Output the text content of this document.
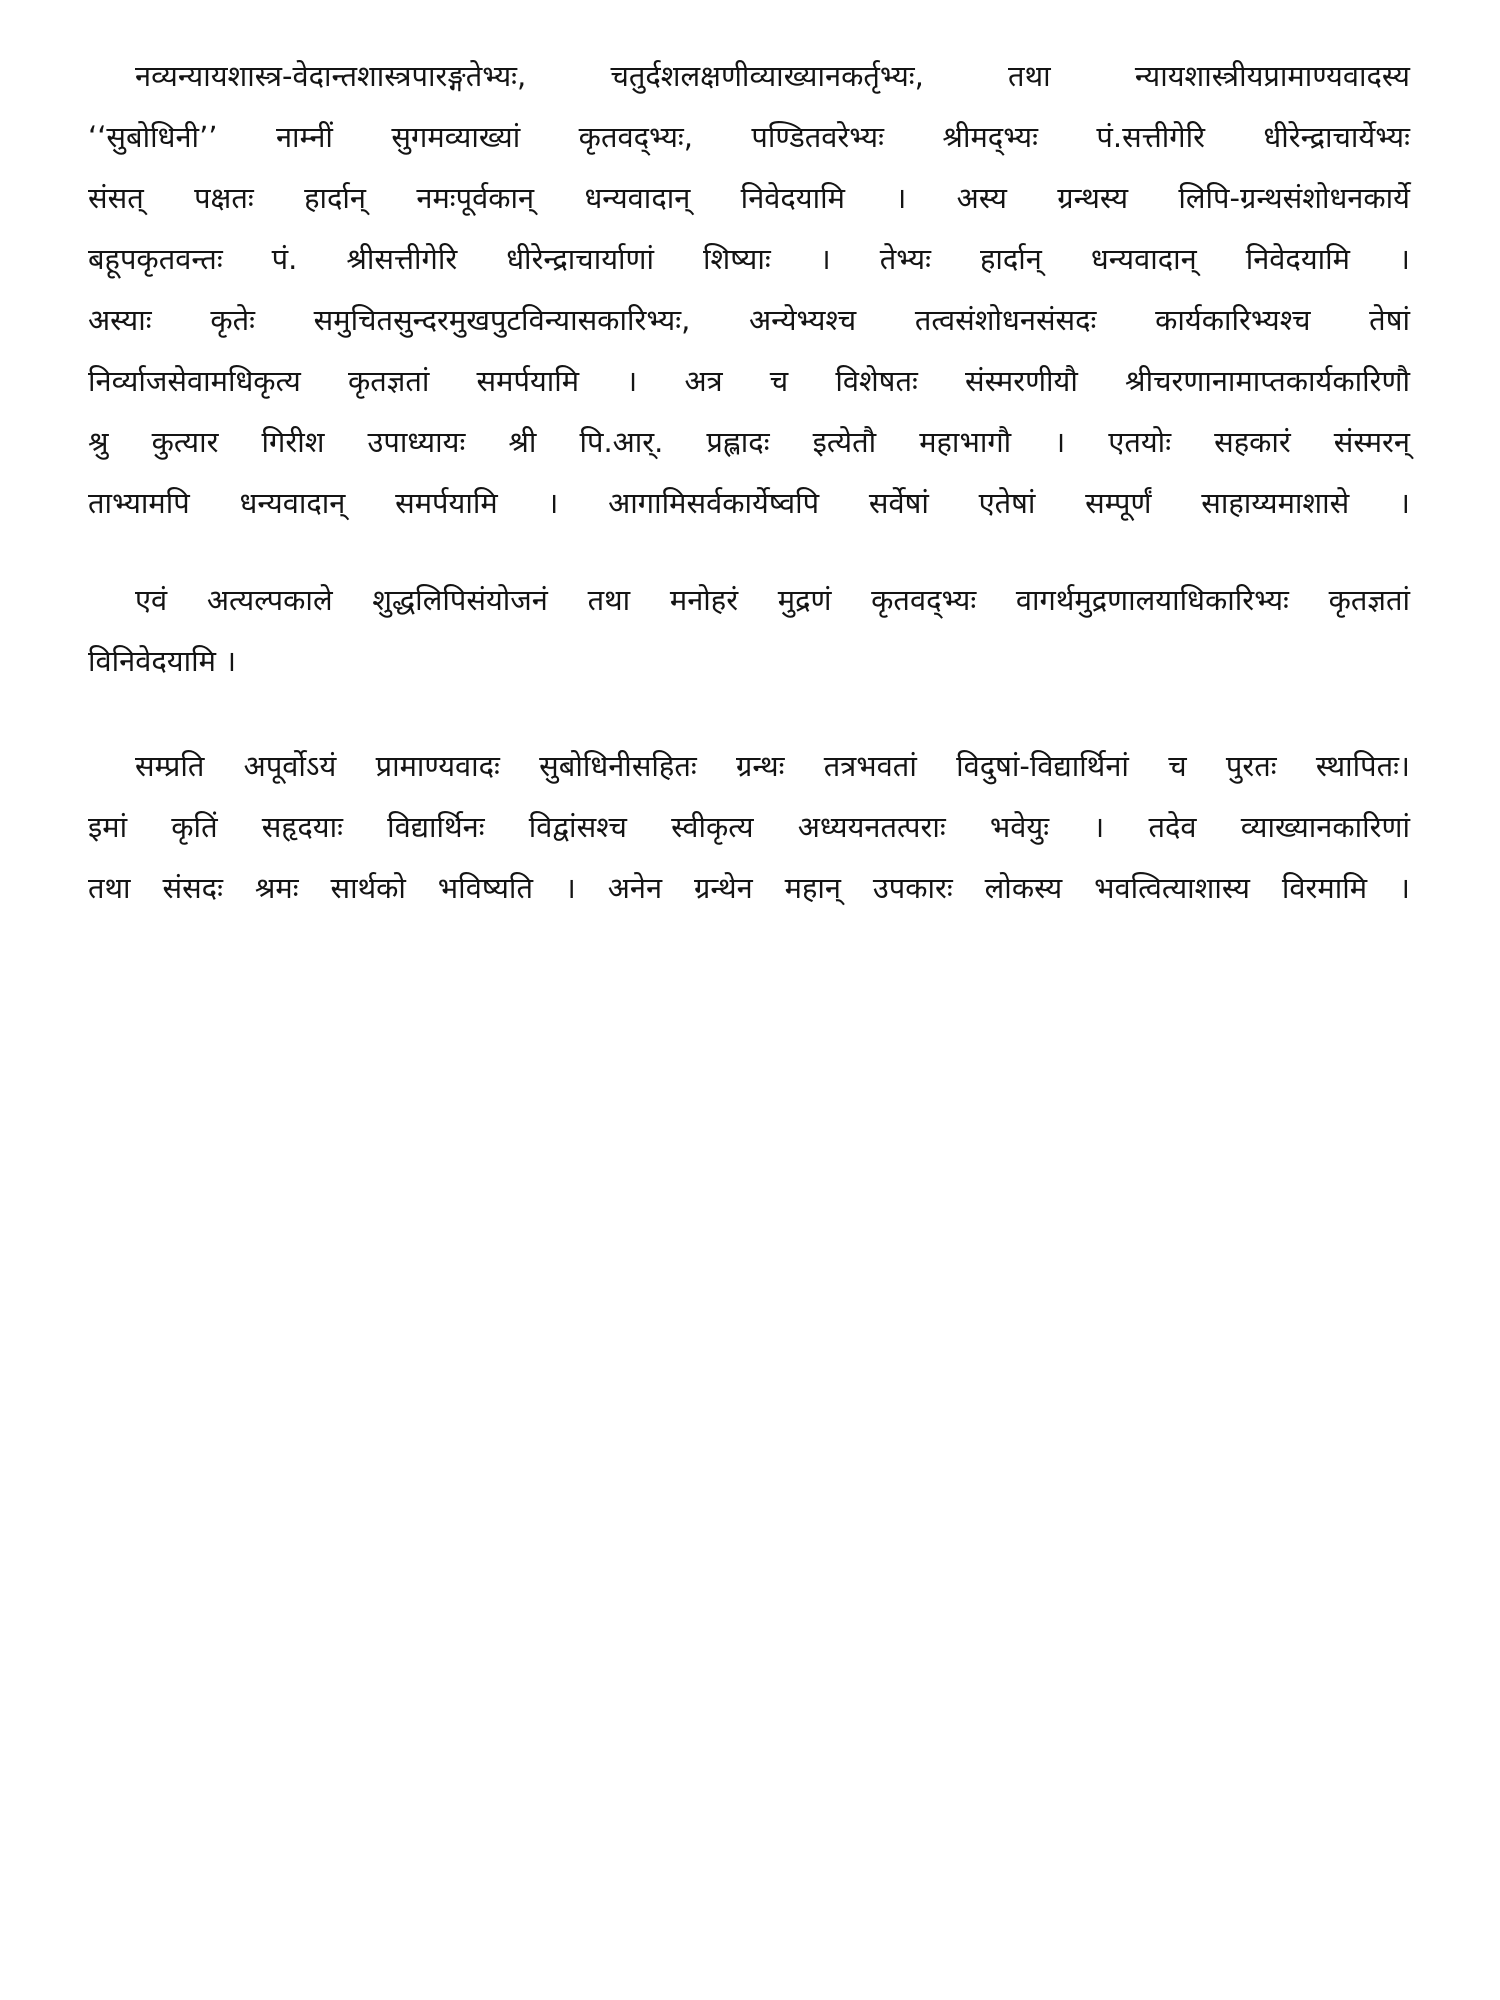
नव्यन्यायशास्त्र-वेदान्तशास्त्रपारङ्गतेभ्यः, चतुर्दशलक्षणीव्याख्यानकर्तृभ्यः, तथा न्यायशास्त्रीयप्रामाण्यवादस्य
‘‘सुबोधिनी’’ नाम्नीं सुगमव्याख्यां कृतवद्भ्यः, पण्डितवरेभ्यः श्रीमद्भ्यः पं.सत्तीगेरि धीरेन्द्राचार्येभ्यः
संसत् पक्षतः हार्दान् नमःपूर्वकान् धन्यवादान् निवेदयामि । अस्य ग्रन्थस्य लिपि-ग्रन्थसंशोधनकार्ये
बहूपकृतवन्तः पं. श्रीसत्तीगेरि धीरेन्द्राचार्याणां शिष्याः । तेभ्यः हार्दान् धन्यवादान् निवेदयामि ।
अस्याः कृतेः समुचितसुन्दरमुखपुटविन्यासकारिभ्यः, अन्येभ्यश्च तत्वसंशोधनसंसदः कार्यकारिभ्यश्च तेषां
निर्व्याजसेवामधिकृत्य कृतज्ञतां समर्पयामि । अत्र च विशेषतः संस्मरणीयौ श्रीचरणानामाप्तकार्यकारिणौ
श्रु कुत्यार गिरीश उपाध्यायः श्री पि.आर्. प्रह्लादः इत्येतौ महाभागौ । एतयोः सहकारं संस्मरन्
ताभ्यामपि धन्यवादान् समर्पयामि । आगामिसर्वकार्येष्वपि सर्वेषां एतेषां सम्पूर्णं साहाय्यमाशासे ।
एवं अत्यल्पकाले शुद्धलिपिसंयोजनं तथा मनोहरं मुद्रणं कृतवद्भ्यः वागर्थमुद्रणालयाधिकारिभ्यः कृतज्ञतां
विनिवेदयामि ।
सम्प्रति अपूर्वोऽयं प्रामाण्यवादः सुबोधिनीसहितः ग्रन्थः तत्रभवतां विदुषां-विद्यार्थिनां च पुरतः स्थापितः।
इमां कृतिं सहृदयाः विद्यार्थिनः विद्वांसश्च स्वीकृत्य अध्ययनतत्पराः भवेयुः । तदेव व्याख्यानकारिणां
तथा संसदः श्रमः सार्थको भविष्यति । अनेन ग्रन्थेन महान् उपकारः लोकस्य भवत्वित्याशास्य विरमामि ।
